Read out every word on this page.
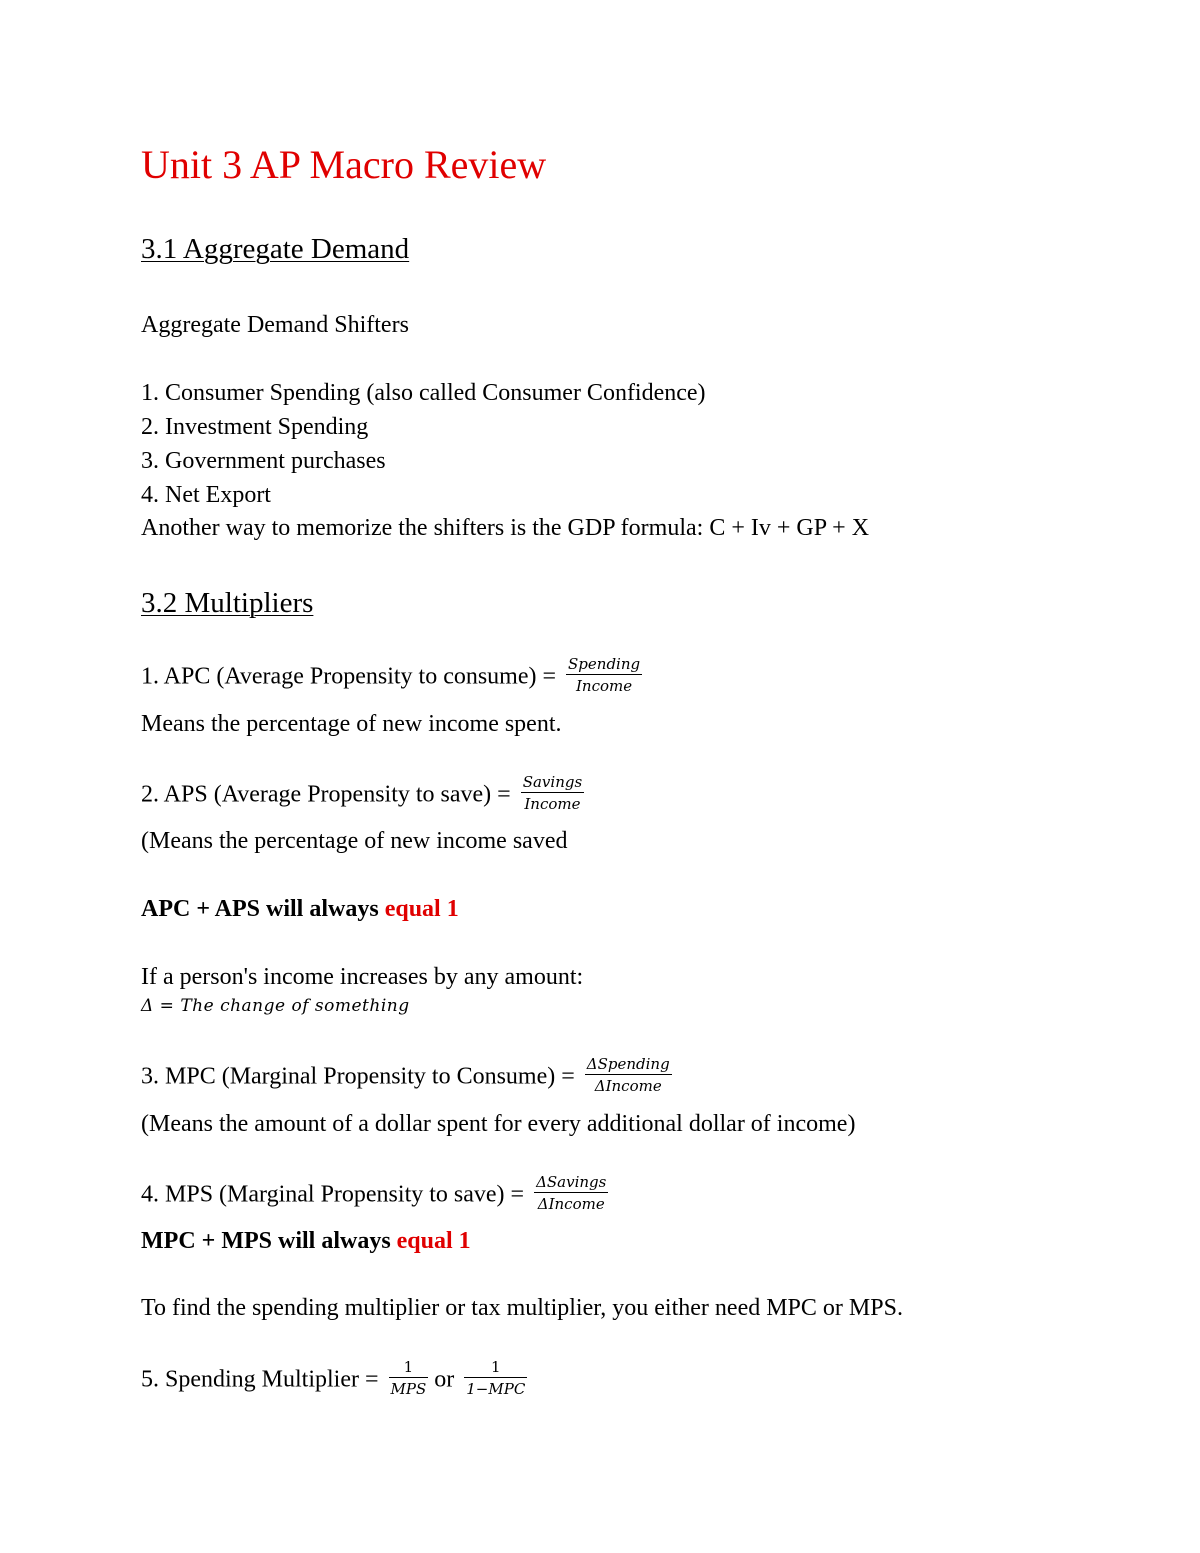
Unit 3 AP Macro Review
3.1 Aggregate Demand
Aggregate Demand Shifters
1. Consumer Spending (also called Consumer Confidence)
2. Investment Spending
3. Government purchases
4. Net Export
Another way to memorize the shifters is the GDP formula: C + Iv + GP + X
3.2 Multipliers
1. APC (Average Propensity to consume) = $\frac{\text{Spending}}{\text{Income}}$
Means the percentage of new income spent.
2. APS (Average Propensity to save) = $\frac{\text{Savings}}{\text{Income}}$
(Means the percentage of new income saved
APC + APS will always equal 1
If a person's income increases by any amount:
Δ = The change of something
3. MPC (Marginal Propensity to Consume) = $\frac{\text{ΔSpending}}{\text{ΔIncome}}$
(Means the amount of a dollar spent for every additional dollar of income)
4. MPS (Marginal Propensity to save) = $\frac{\text{ΔSavings}}{\text{ΔIncome}}$
MPC + MPS will always equal 1
To find the spending multiplier or tax multiplier, you either need MPC or MPS.
5. Spending Multiplier = $\frac{1}{\text{MPS}}$ or $\frac{1}{\text{1−MPC}}$
